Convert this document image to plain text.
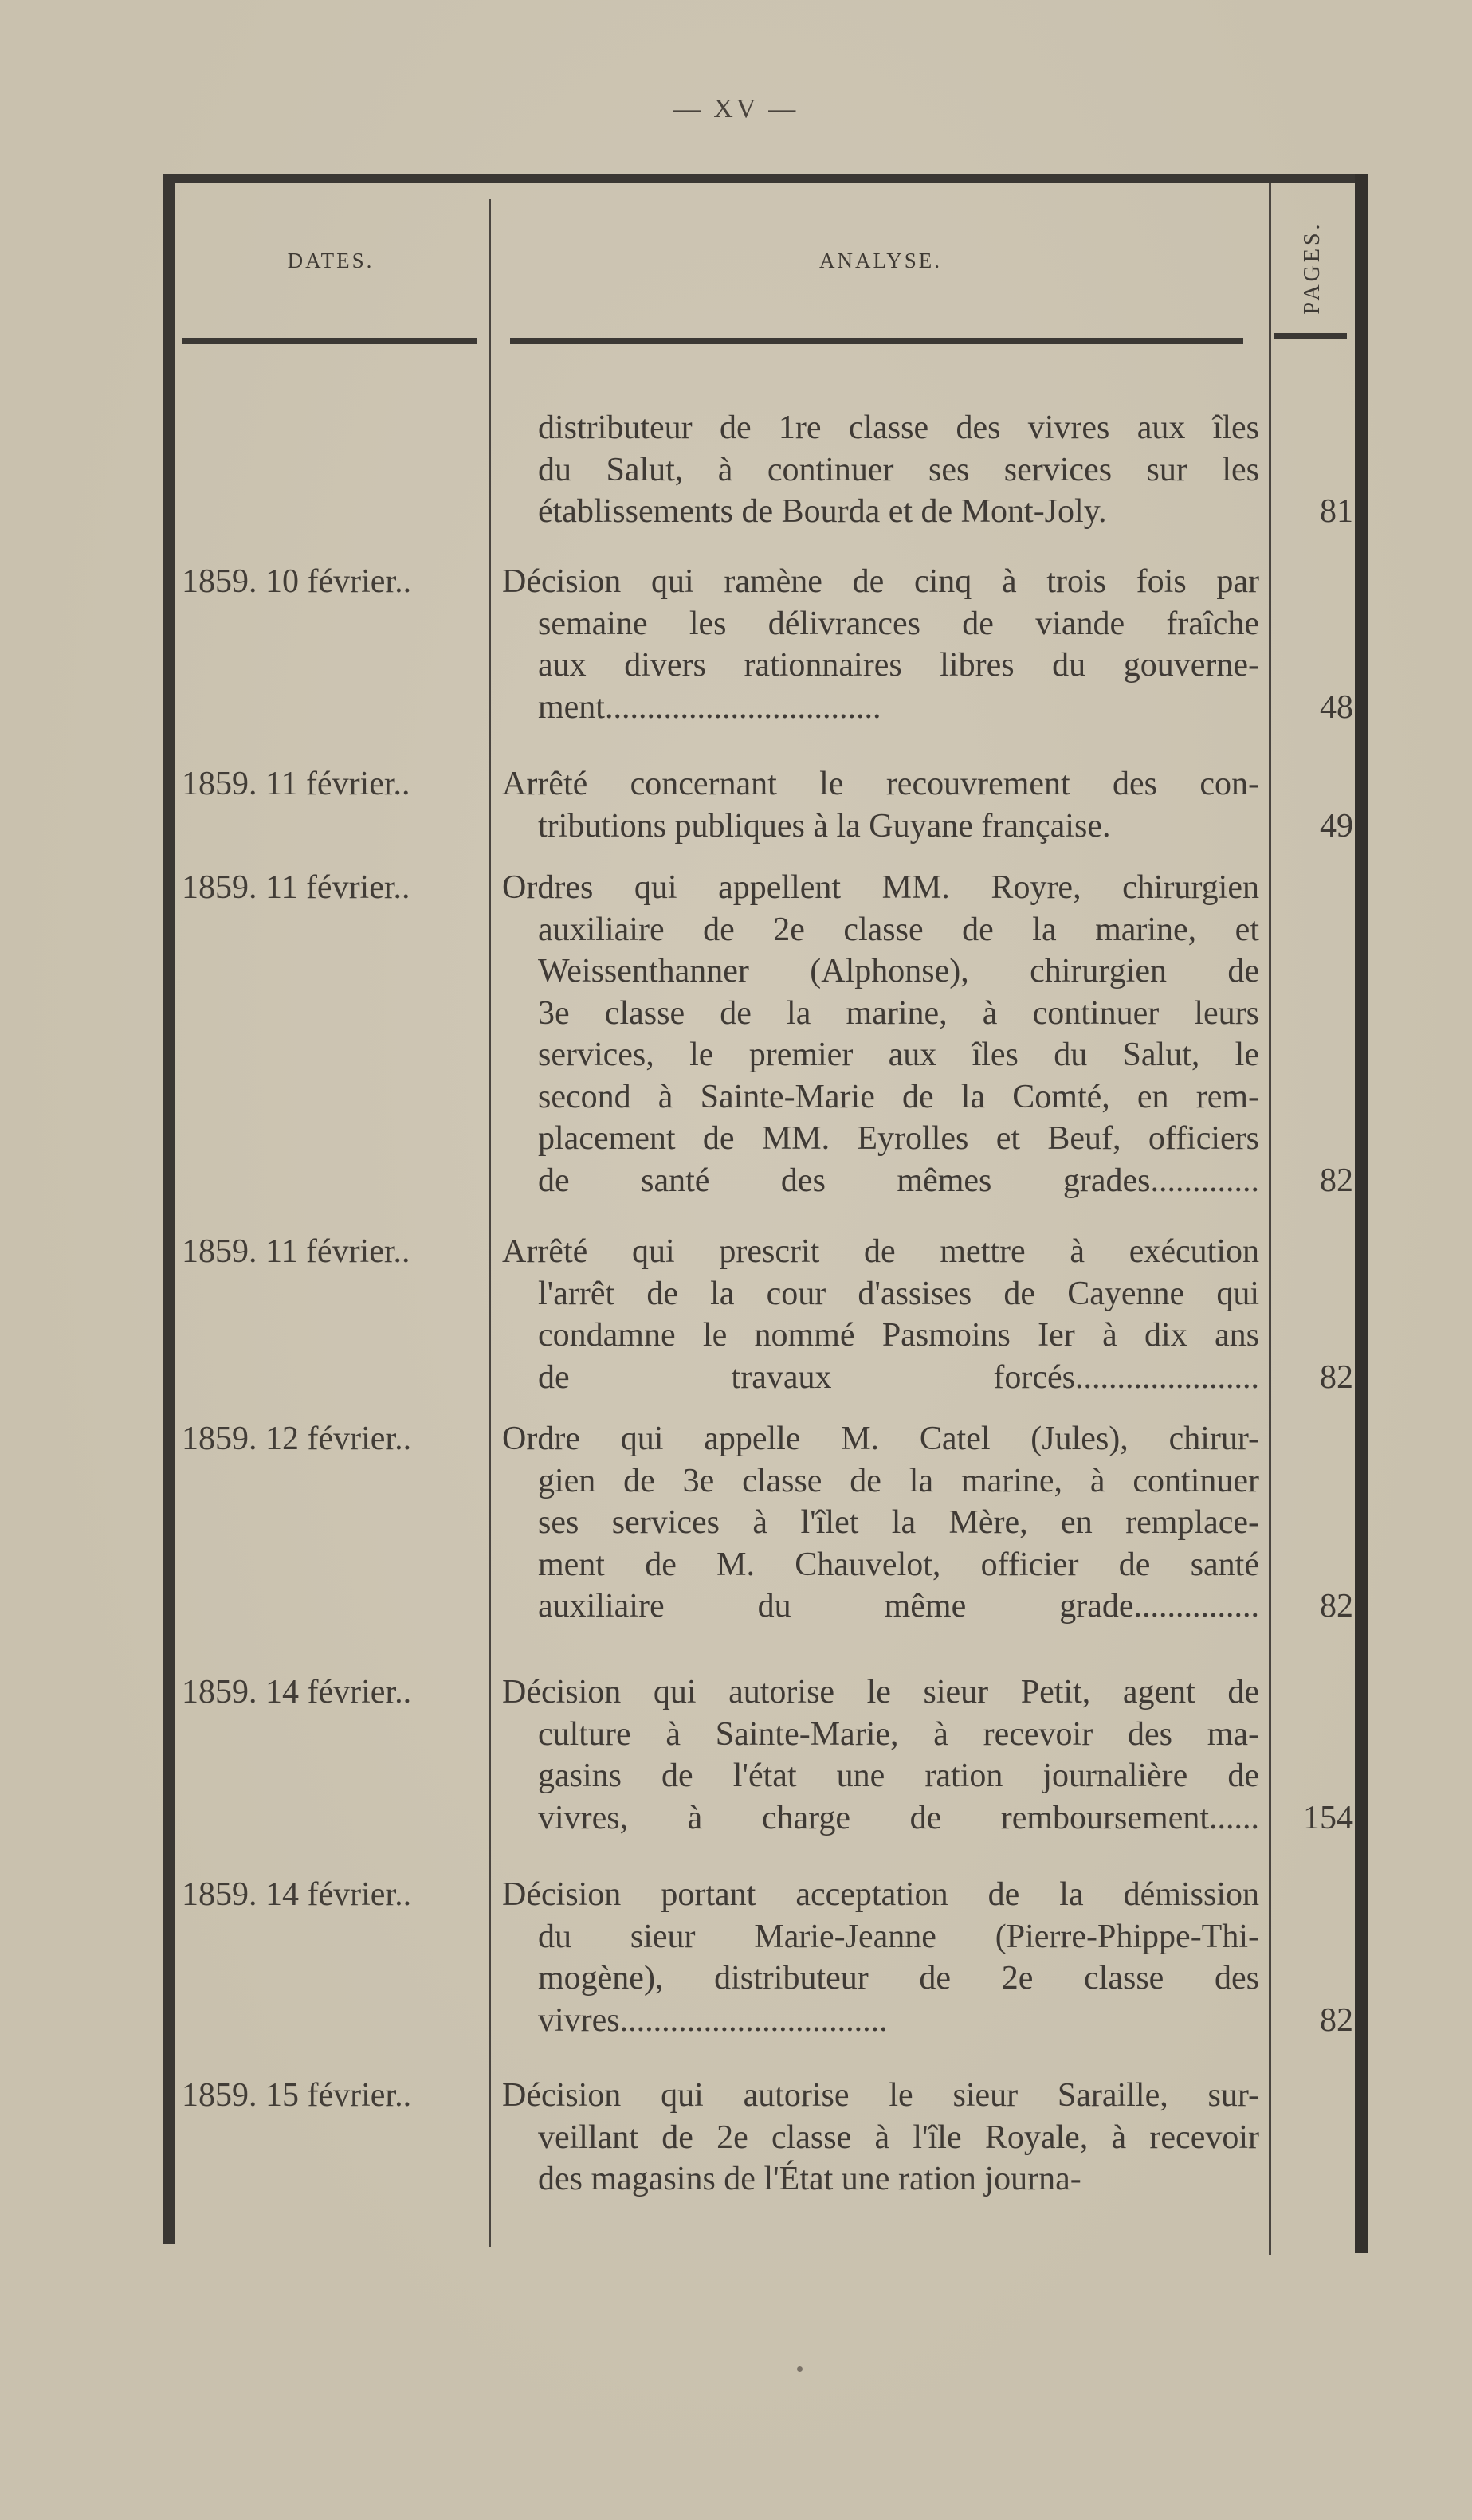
— XV —
DATES.	ANALYSE.	PAGES.
distributeur de 1re classe des vivres aux îles
du Salut, à continuer ses services sur les
établissements de Bourda et de Mont-Joly.	81
1859. 10 février..	Décision qui ramène de cinq à trois fois par
semaine les délivrances de viande fraîche
aux divers rationnaires libres du gouverne-
ment.................................	48
1859. 11 février..	Arrêté concernant le recouvrement des con-
tributions publiques à la Guyane française.	49
1859. 11 février..	Ordres qui appellent MM. Royre, chirurgien
auxiliaire de 2e classe de la marine, et
Weissenthanner (Alphonse), chirurgien de
3e classe de la marine, à continuer leurs
services, le premier aux îles du Salut, le
second à Sainte-Marie de la Comté, en rem-
placement de MM. Eyrolles et Beuf, officiers
de santé des mêmes grades.............	82
1859. 11 février..	Arrêté qui prescrit de mettre à exécution
l'arrêt de la cour d'assises de Cayenne qui
condamne le nommé Pasmoins Ier à dix ans
de travaux forcés......................	82
1859. 12 février..	Ordre qui appelle M. Catel (Jules), chirur-
gien de 3e classe de la marine, à continuer
ses services à l'îlet la Mère, en remplace-
ment de M. Chauvelot, officier de santé
auxiliaire du même grade...............	82
1859. 14 février..	Décision qui autorise le sieur Petit, agent de
culture à Sainte-Marie, à recevoir des ma-
gasins de l'état une ration journalière de
vivres, à charge de remboursement......	154
1859. 14 février..	Décision portant acceptation de la démission
du sieur Marie-Jeanne (Pierre-Phippe-Thi-
mogène), distributeur de 2e classe des
vivres................................	82
1859. 15 février..	Décision qui autorise le sieur Saraille, sur-
veillant de 2e classe à l'île Royale, à recevoir
des magasins de l'État une ration journa-
